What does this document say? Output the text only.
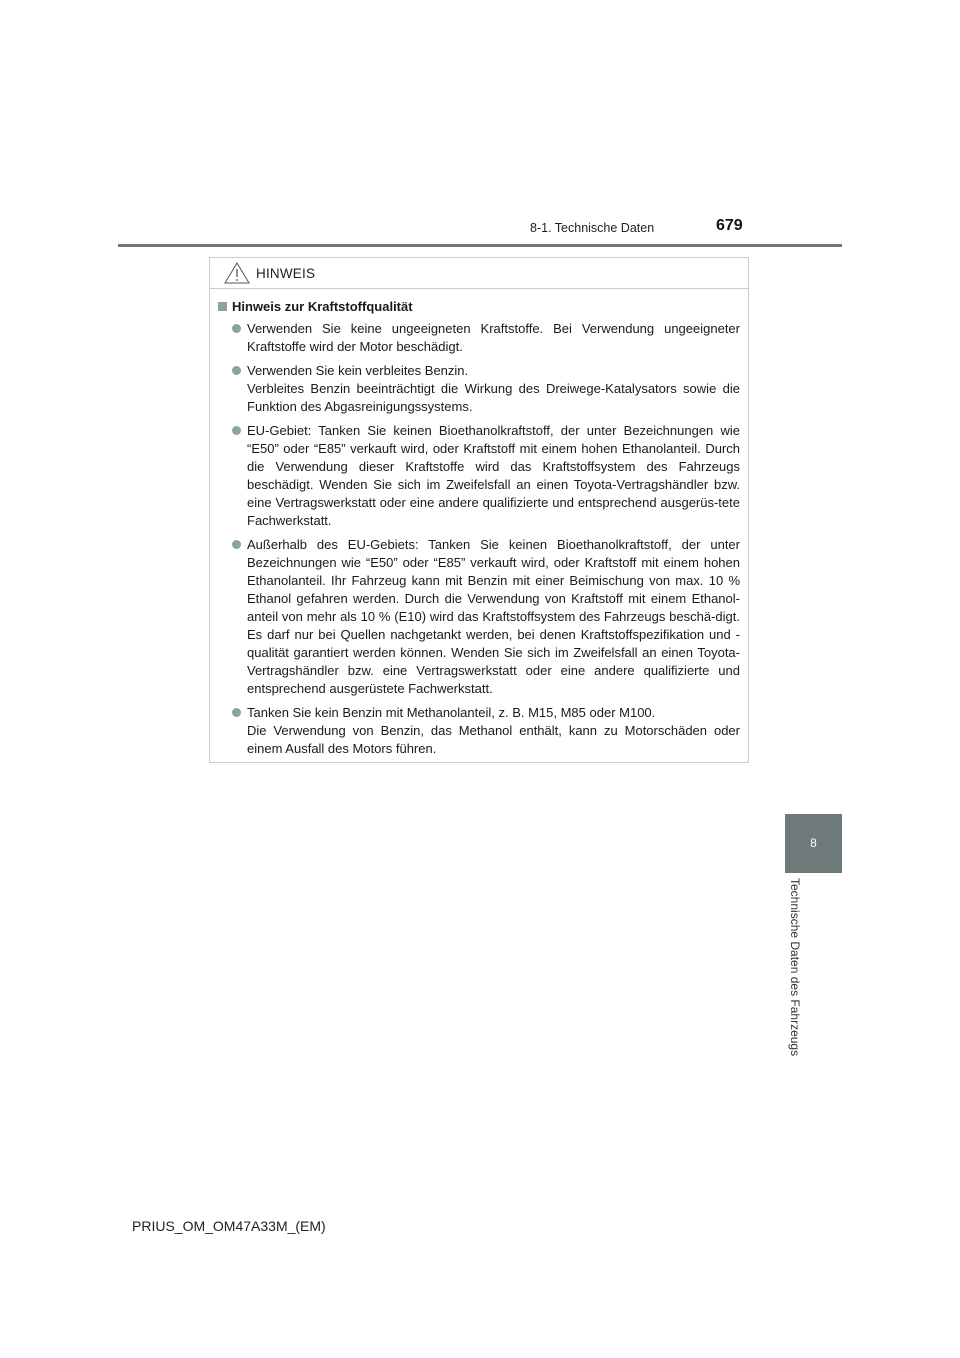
8-1. Technische Daten	679
8
Technische Daten des Fahrzeugs
HINWEIS
Hinweis zur Kraftstoffqualität

Verwenden Sie keine ungeeigneten Kraftstoffe. Bei Verwendung ungeeigneter Kraftstoffe wird der Motor beschädigt.

Verwenden Sie kein verbleites Benzin.

Verbleites Benzin beeinträchtigt die Wirkung des Dreiwege-Katalysators sowie die Funktion des Abgasreinigungssystems.

EU-Gebiet: Tanken Sie keinen Bioethanolkraftstoff, der unter Bezeichnungen wie “E50” oder “E85” verkauft wird, oder Kraftstoff mit einem hohen Ethanolanteil. Durch die Verwendung dieser Kraftstoffe wird das Kraftstoffsystem des Fahrzeugs beschädigt. Wenden Sie sich im Zweifelsfall an einen Toyota-Vertragshändler bzw. eine Vertragswerkstatt oder eine andere qualifizierte und entsprechend ausgerüs-tete Fachwerkstatt.

Außerhalb des EU-Gebiets: Tanken Sie keinen Bioethanolkraftstoff, der unter Bezeichnungen wie “E50” oder “E85” verkauft wird, oder Kraftstoff mit einem hohen Ethanolanteil. Ihr Fahrzeug kann mit Benzin mit einer Beimischung von max. 10 % Ethanol gefahren werden. Durch die Verwendung von Kraftstoff mit einem Ethanol-anteil von mehr als 10 % (E10) wird das Kraftstoffsystem des Fahrzeugs beschä-digt. Es darf nur bei Quellen nachgetankt werden, bei denen Kraftstoffspezifikation und -qualität garantiert werden können. Wenden Sie sich im Zweifelsfall an einen Toyota-Vertragshändler bzw. eine Vertragswerkstatt oder eine andere qualifizierte und entsprechend ausgerüstete Fachwerkstatt.

Tanken Sie kein Benzin mit Methanolanteil, z. B. M15, M85 oder M100.

Die Verwendung von Benzin, das Methanol enthält, kann zu Motorschäden oder einem Ausfall des Motors führen.

PRIUS_OM_OM47A33M_(EM)
